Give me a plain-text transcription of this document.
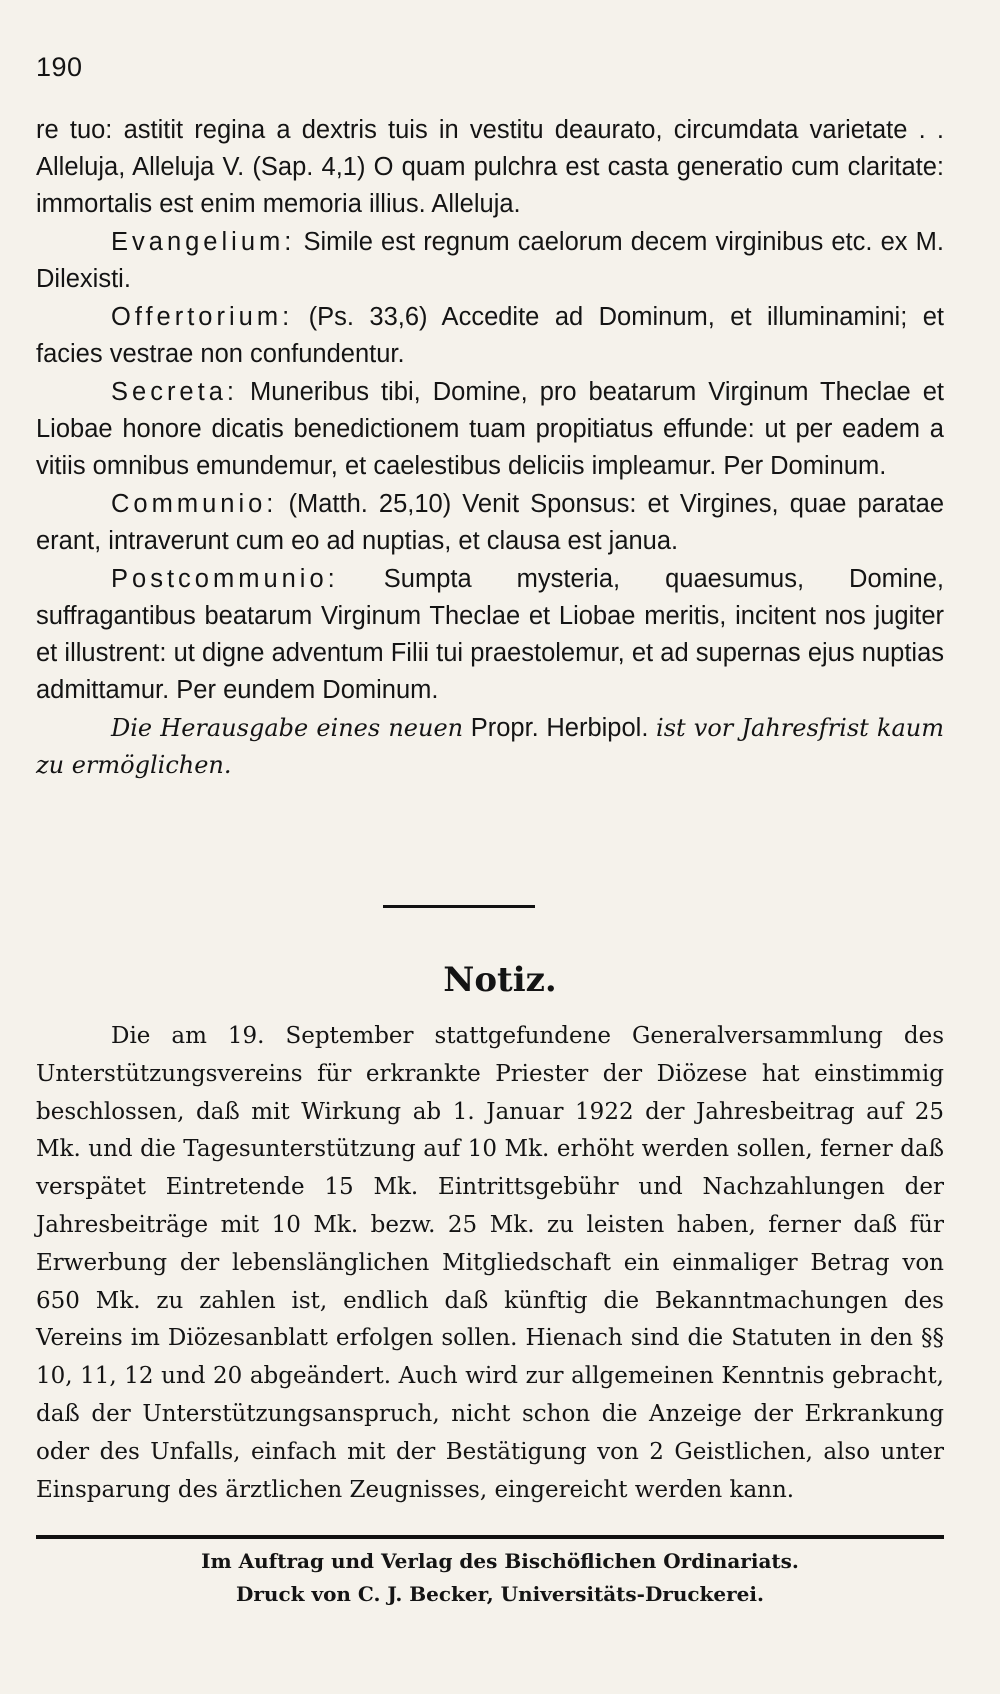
190

re tuo: astitit regina a dextris tuis in vestitu deaurato, circumdata varietate . . Alleluja, Alleluja V. (Sap. 4,1) O quam pulchra est casta generatio cum claritate: immortalis est enim memoria illius. Alleluja.

Evangelium: Simile est regnum caelorum decem virginibus etc. ex M. Dilexisti.

Offertorium: (Ps. 33,6) Accedite ad Dominum, et illuminamini; et facies vestrae non confundentur.

Secreta: Muneribus tibi, Domine, pro beatarum Virginum Theclae et Liobae honore dicatis benedictionem tuam propitiatus effunde: ut per eadem a vitiis omnibus emundemur, et caelestibus deliciis impleamur. Per Dominum.

Communio: (Matth. 25,10) Venit Sponsus: et Virgines, quae paratae erant, intraverunt cum eo ad nuptias, et clausa est janua.

Postcommunio: Sumpta mysteria, quaesumus, Domine, suffragantibus beatarum Virginum Theclae et Liobae meritis, incitent nos jugiter et illustrent: ut digne adventum Filii tui praestolemur, et ad supernas ejus nuptias admittamur. Per eundem Dominum.

Die Herausgabe eines neuen Propr. Herbipol. ist vor Jahresfrist kaum zu ermöglichen.

Notiz.

Die am 19. September stattgefundene Generalversammlung des Unterstützungsvereins für erkrankte Priester der Diözese hat einstimmig beschlossen, daß mit Wirkung ab 1. Januar 1922 der Jahresbeitrag auf 25 Mk. und die Tagesunterstützung auf 10 Mk. erhöht werden sollen, ferner daß verspätet Eintretende 15 Mk. Eintrittsgebühr und Nachzahlungen der Jahresbeiträge mit 10 Mk. bezw. 25 Mk. zu leisten haben, ferner daß für Erwerbung der lebenslänglichen Mitgliedschaft ein einmaliger Betrag von 650 Mk. zu zahlen ist, endlich daß künftig die Bekanntmachungen des Vereins im Diözesanblatt erfolgen sollen. Hienach sind die Statuten in den §§ 10, 11, 12 und 20 abgeändert. Auch wird zur allgemeinen Kenntnis gebracht, daß der Unterstützungsanspruch, nicht schon die Anzeige der Erkrankung oder des Unfalls, einfach mit der Bestätigung von 2 Geistlichen, also unter Einsparung des ärztlichen Zeugnisses, eingereicht werden kann.

Im Auftrag und Verlag des Bischöflichen Ordinariats.
Druck von C. J. Becker, Universitäts-Druckerei.
